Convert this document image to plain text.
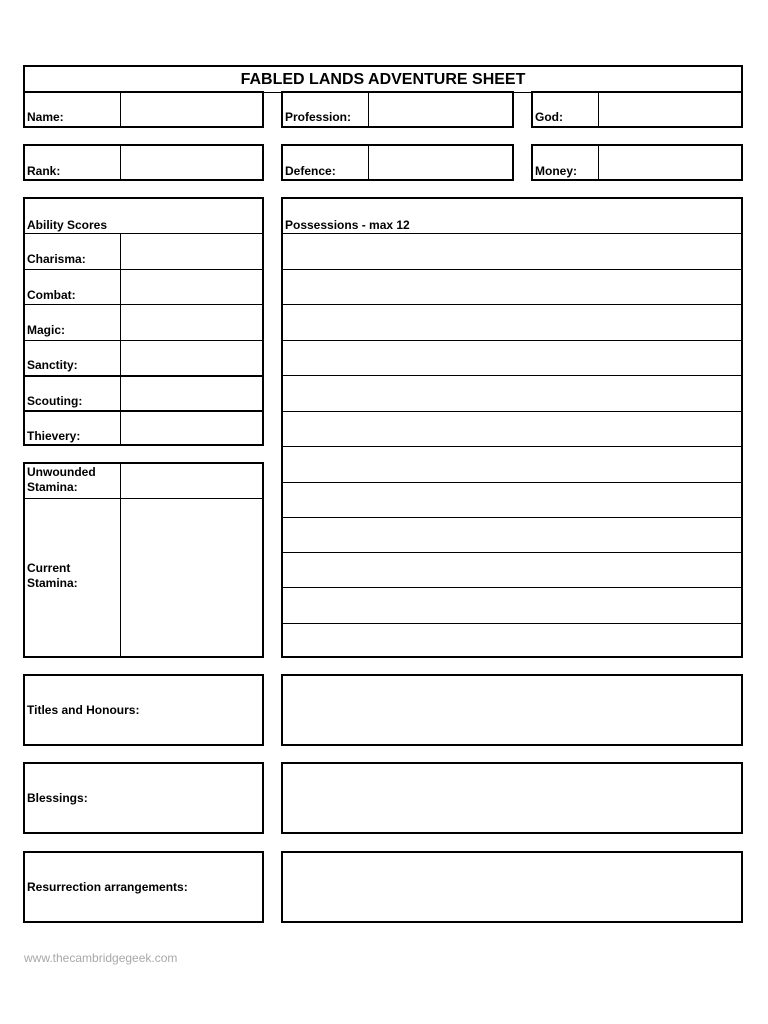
FABLED LANDS ADVENTURE SHEET
Name:	Profession:	God:
Rank:	Defence:	Money:
Ability Scores
Charisma:
Combat:
Magic:
Sanctity:
Scouting:
Thievery:
Unwounded Stamina:
Current Stamina:
Possessions - max 12
Titles and Honours:
Blessings:
Resurrection arrangements:
www.thecambridgegeek.com
